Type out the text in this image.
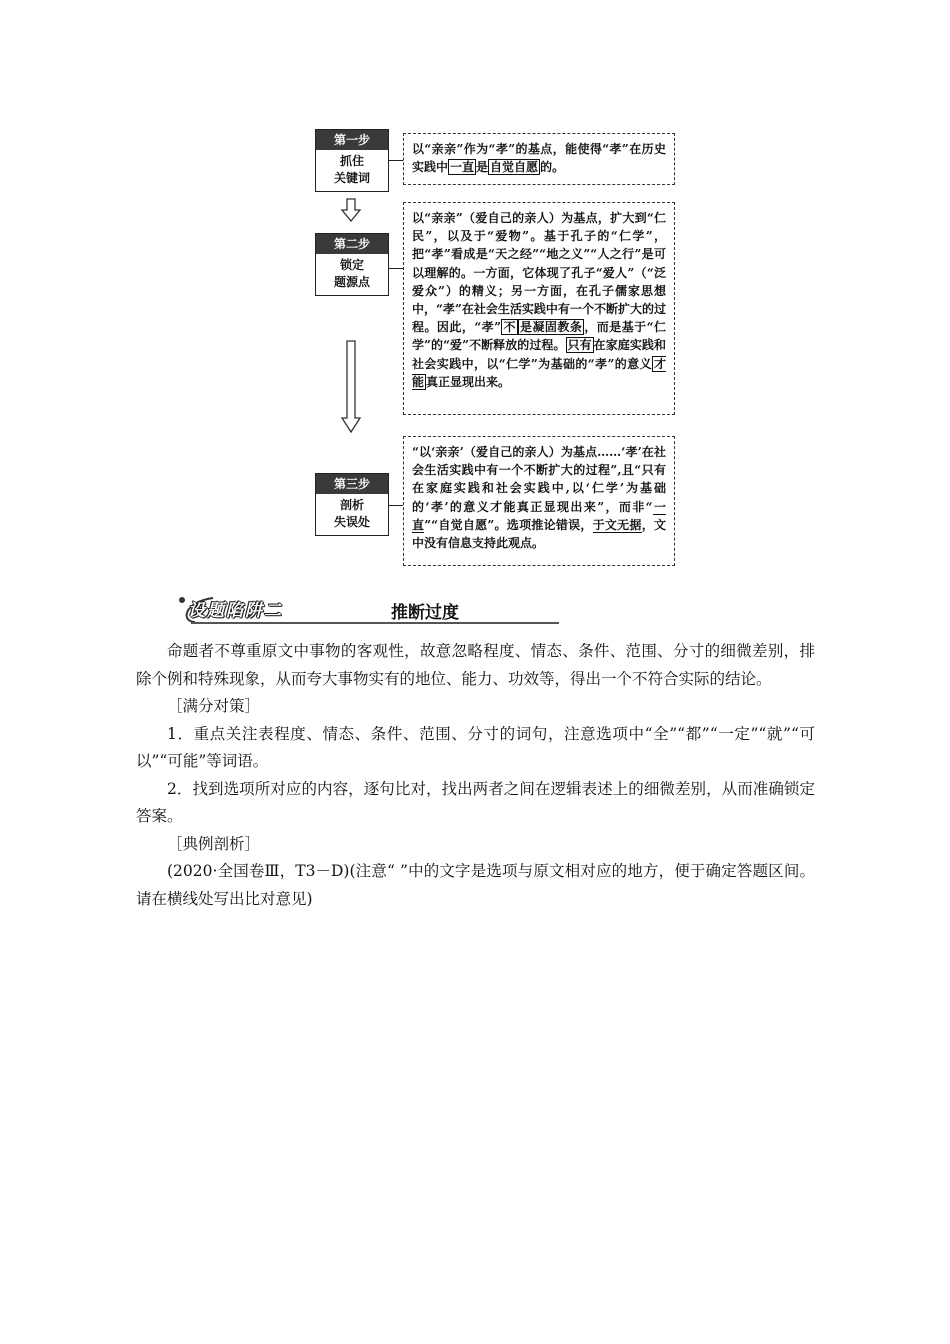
第一步
抓住
关键词
以“亲亲”作为“孝”的基点，能使得“孝”在历史实践中 一直 是 自觉自愿 的。
第二步
锁定
题源点
以“亲亲”（爱自己的亲人）为基点，扩大到“仁民”，以及于“爱物”。基于孔子的“仁学”，把“孝”看成是“天之经”“地之义”“人之行”是可以理解的。一方面，它体现了孔子“爱人”（“泛爱众”）的精义；另一方面，在孔子儒家思想中，“孝”在社会生活实践中有一个不断扩大的过程。因此，“孝” 不 是凝固教条 ，而是基于“仁学”的“爱”不断释放的过程。 只有 在家庭实践和社会实践中，以“仁学”为基础的“孝”的意义 才能 真正显现出来。
第三步
剖析
失误处
“以‘亲亲’（爱自己的亲人）为基点……‘孝’在社会生活实践中有一个不断扩大的过程”,且“只有在家庭实践和社会实践中,以‘仁学’为基础的‘孝’的意义才能真正显现出来”，而非“一直”“自觉自愿”。选项推论错误，于文无据，文中没有信息支持此观点。
设题陷阱二	推断过度

命题者不尊重原文中事物的客观性，故意忽略程度、情态、条件、范围、分寸的细微差别，排除个例和特殊现象，从而夸大事物实有的地位、能力、功效等，得出一个不符合实际的结论。

［满分对策］

1．重点关注表程度、情态、条件、范围、分寸的词句，注意选项中“全”“都”“一定”“就”“可以”“可能”等词语。

2．找到选项所对应的内容，逐句比对，找出两者之间在逻辑表述上的细微差别，从而准确锁定答案。

［典例剖析］

(2020·全国卷Ⅲ，T3－D)(注意“ ”中的文字是选项与原文相对应的地方，便于确定答题区间。请在横线处写出比对意见)
